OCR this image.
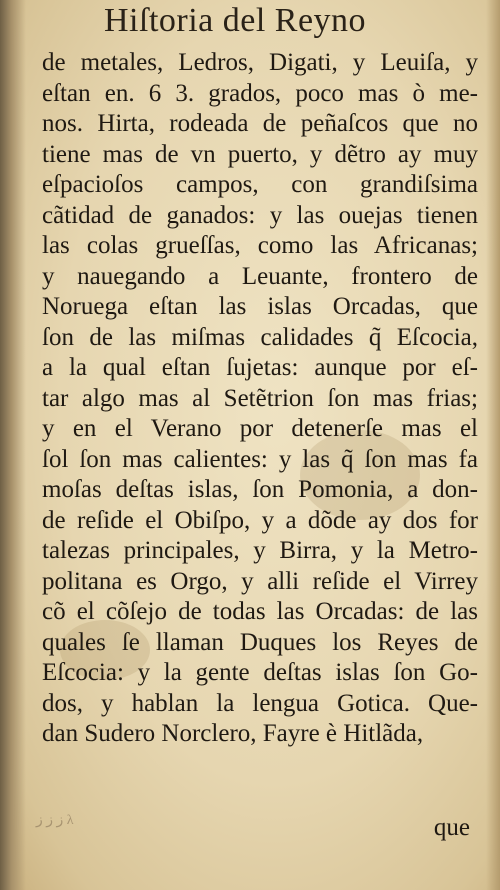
Hiſtoria del Reyno
de metales, Ledros, Digati, y Leuiſa, y
eſtan en. 6 3. grados, poco mas ò me-
nos. Hirta, rodeada de peñaſcos que no
tiene mas de vn puerto, y dẽtro ay muy
eſpacioſos campos, con grandiſsima
cãtidad de ganados: y las ouejas tienen
las colas grueſſas, como las Africanas;
y nauegando a Leuante, frontero de
Noruega eſtan las islas Orcadas, que
ſon de las miſmas calidades q̃ Eſcocia,
a la qual eſtan ſujetas: aunque por eſ-
tar algo mas al Setẽtrion ſon mas frias;
y en el Verano por detenerſe mas el
ſol ſon mas calientes: y las q̃ ſon mas fa
moſas deſtas islas, ſon Pomonia, a don-
de reſide el Obiſpo, y a dõde ay dos for
talezas principales, y Birra, y la Metro-
politana es Orgo, y alli reſide el Virrey
cõ el cõſejo de todas las Orcadas: de las
quales ſe llaman Duques los Reyes de
Eſcocia: y la gente deſtas islas ſon Go-
dos, y hablan la lengua Gotica. Que-
dan Sudero Norclero, Fayre è Hitlãda,
ﺯ ﺯ ز λ	que
